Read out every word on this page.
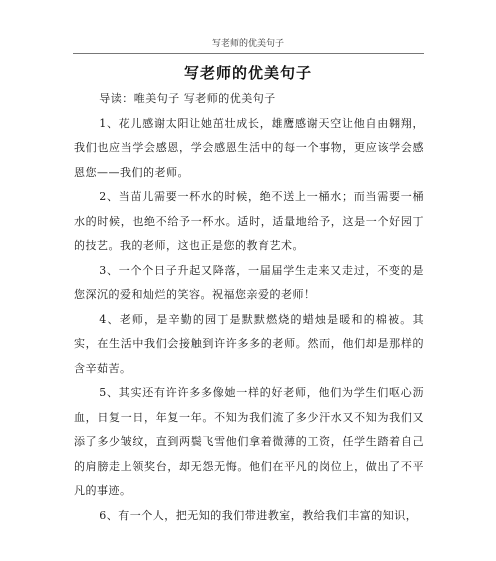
写老师的优美句子
写老师的优美句子

导读：唯美句子 写老师的优美句子

1、花儿感谢太阳让她茁壮成长，雄鹰感谢天空让他自由翱翔，我们也应当学会感恩，学会感恩生活中的每一个事物，更应该学会感恩您——我们的老师。

2、当苗儿需要一杯水的时候，绝不送上一桶水；而当需要一桶水的时候，也绝不给予一杯水。适时，适量地给予，这是一个好园丁的技艺。我的老师，这也正是您的教育艺术。

3、一个个日子升起又降落，一届届学生走来又走过，不变的是您深沉的爱和灿烂的笑容。祝福您亲爱的老师！

4、老师，是辛勤的园丁是默默燃烧的蜡烛是暖和的棉被。其实，在生活中我们会接触到许许多多的老师。然而，他们却是那样的含辛茹苦。

5、其实还有许许多多像她一样的好老师，他们为学生们呕心沥血，日复一日，年复一年。不知为我们流了多少汗水又不知为我们又添了多少皱纹，直到两鬓飞雪他们拿着微薄的工资，任学生踏着自己的肩膀走上领奖台，却无怨无悔。他们在平凡的岗位上，做出了不平凡的事迹。

6、有一个人，把无知的我们带进教室，教给我们丰富的知识，
